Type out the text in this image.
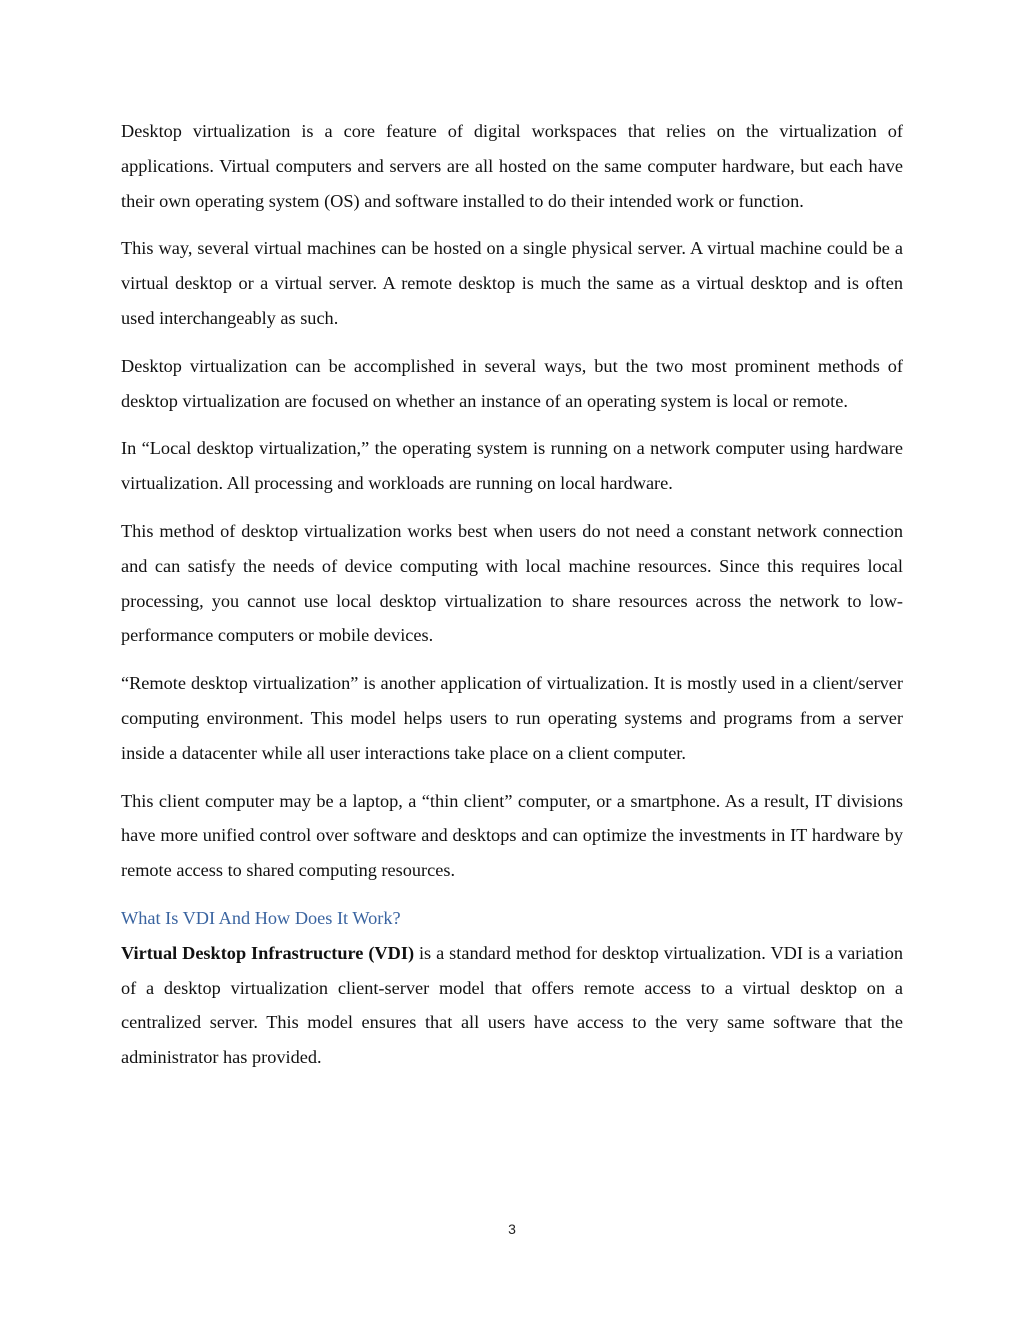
Desktop virtualization is a core feature of digital workspaces that relies on the virtualization of applications. Virtual computers and servers are all hosted on the same computer hardware, but each have their own operating system (OS) and software installed to do their intended work or function.

This way, several virtual machines can be hosted on a single physical server. A virtual machine could be a virtual desktop or a virtual server. A remote desktop is much the same as a virtual desktop and is often used interchangeably as such.

Desktop virtualization can be accomplished in several ways, but the two most prominent methods of desktop virtualization are focused on whether an instance of an operating system is local or remote.

In “Local desktop virtualization,” the operating system is running on a network computer using hardware virtualization. All processing and workloads are running on local hardware.

This method of desktop virtualization works best when users do not need a constant network connection and can satisfy the needs of device computing with local machine resources. Since this requires local processing, you cannot use local desktop virtualization to share resources across the network to low-performance computers or mobile devices.

“Remote desktop virtualization” is another application of virtualization. It is mostly used in a client/server computing environment. This model helps users to run operating systems and programs from a server inside a datacenter while all user interactions take place on a client computer.

This client computer may be a laptop, a “thin client” computer, or a smartphone. As a result, IT divisions have more unified control over software and desktops and can optimize the investments in IT hardware by remote access to shared computing resources.

What Is VDI And How Does It Work?

Virtual Desktop Infrastructure (VDI) is a standard method for desktop virtualization. VDI is a variation of a desktop virtualization client-server model that offers remote access to a virtual desktop on a centralized server. This model ensures that all users have access to the very same software that the administrator has provided.

3
